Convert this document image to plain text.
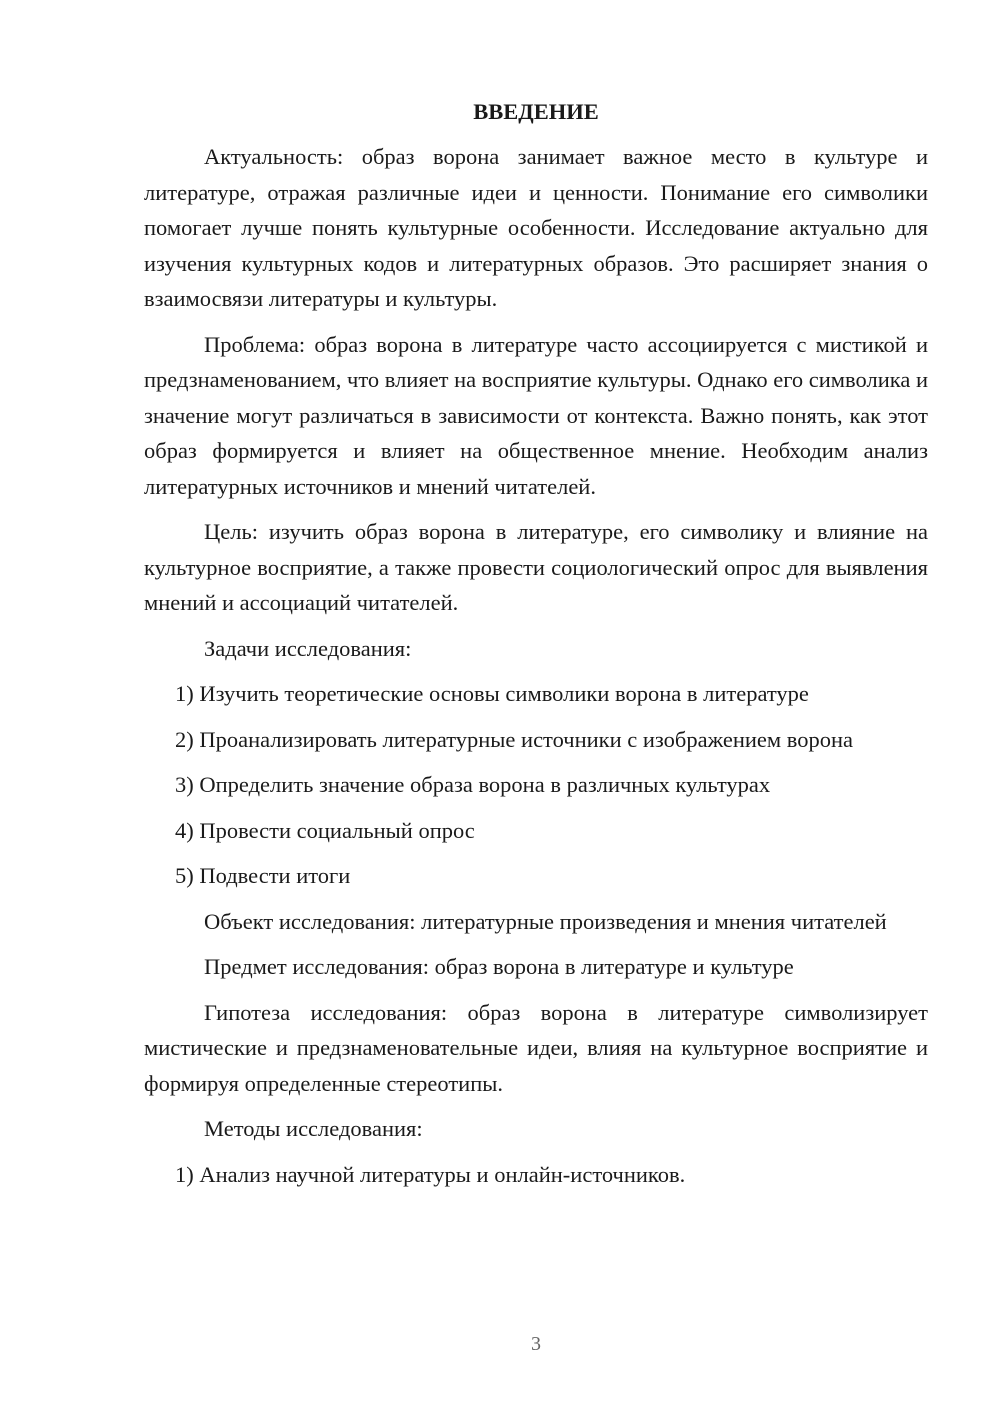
ВВЕДЕНИЕ

Актуальность: образ ворона занимает важное место в культуре и литературе, отражая различные идеи и ценности. Понимание его символики помогает лучше понять культурные особенности. Исследование актуально для изучения культурных кодов и литературных образов. Это расширяет знания о взаимосвязи литературы и культуры.

Проблема: образ ворона в литературе часто ассоциируется с мистикой и предзнаменованием, что влияет на восприятие культуры. Однако его символика и значение могут различаться в зависимости от контекста. Важно понять, как этот образ формируется и влияет на общественное мнение. Необходим анализ литературных источников и мнений читателей.

Цель: изучить образ ворона в литературе, его символику и влияние на культурное восприятие, а также провести социологический опрос для выявления мнений и ассоциаций читателей.

Задачи исследования:

1) Изучить теоретические основы символики ворона в литературе

2) Проанализировать литературные источники с изображением ворона

3) Определить значение образа ворона в различных культурах

4) Провести социальный опрос

5) Подвести итоги

Объект исследования: литературные произведения и мнения читателей

Предмет исследования: образ ворона в литературе и культуре

Гипотеза исследования: образ ворона в литературе символизирует мистические и предзнаменовательные идеи, влияя на культурное восприятие и формируя определенные стереотипы.

Методы исследования:

1) Анализ научной литературы и онлайн-источников.

3
